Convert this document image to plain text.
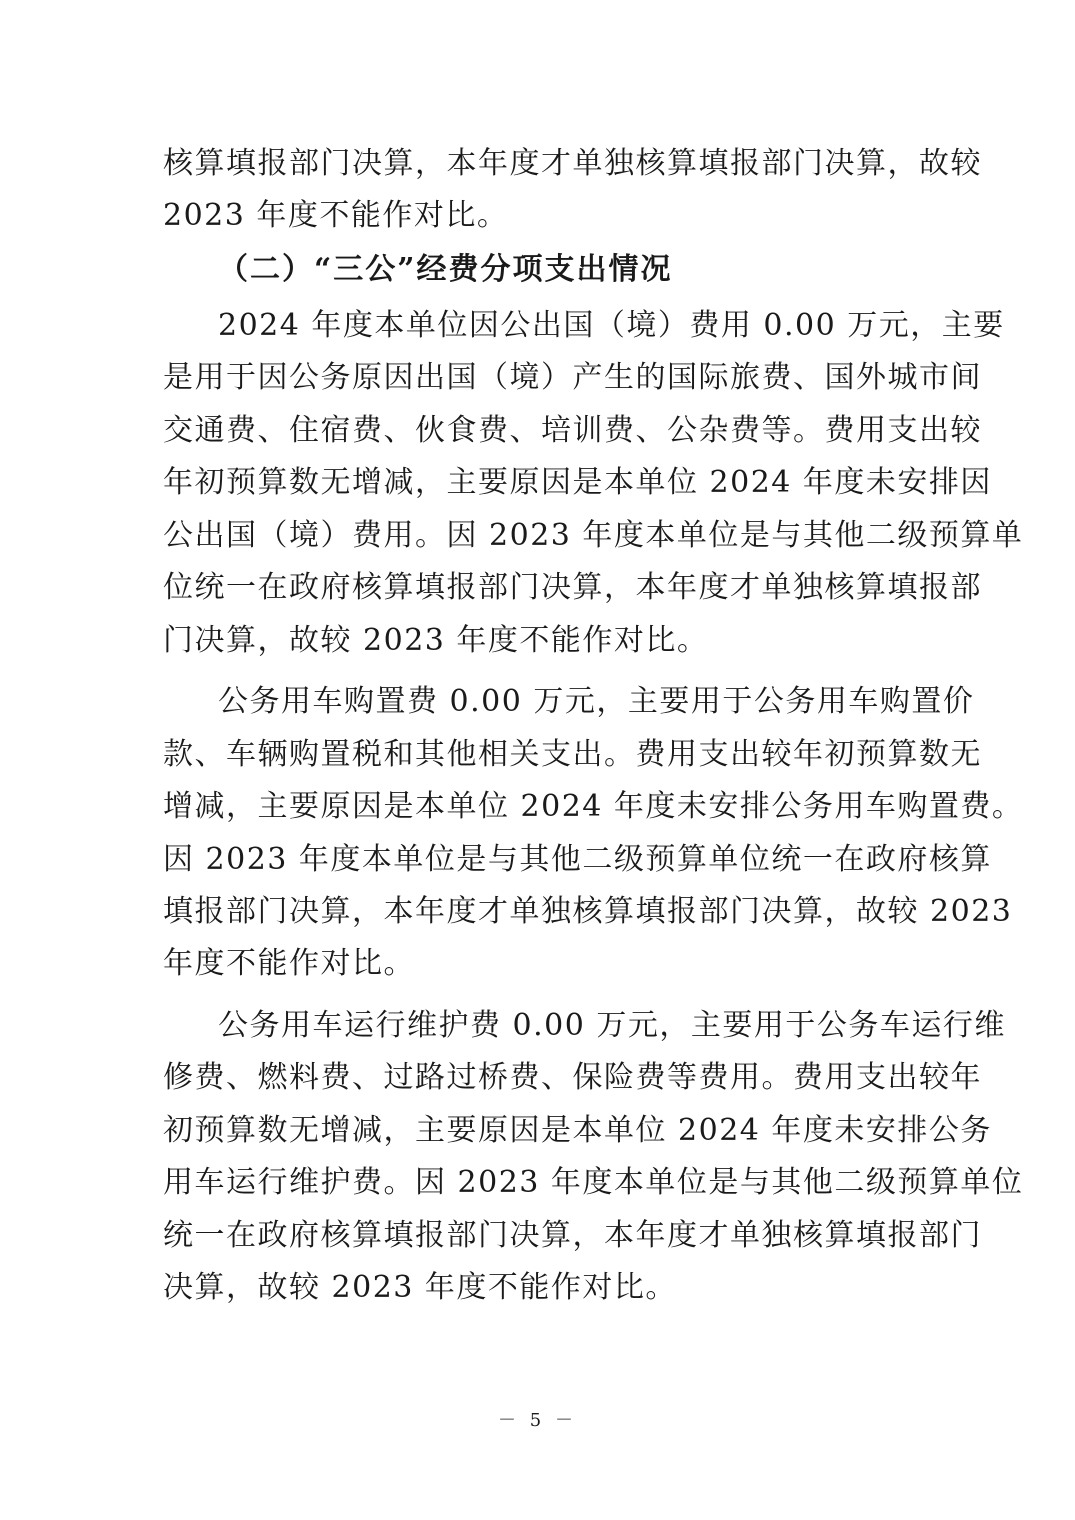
核算填报部门决算，本年度才单独核算填报部门决算，故较

2023 年度不能作对比。

（二）“三公”经费分项支出情况

2024 年度本单位因公出国（境）费用 0.00 万元，主要

是用于因公务原因出国（境）产生的国际旅费、国外城市间

交通费、住宿费、伙食费、培训费、公杂费等。费用支出较

年初预算数无增减，主要原因是本单位 2024 年度未安排因

公出国（境）费用。因 2023 年度本单位是与其他二级预算单

位统一在政府核算填报部门决算，本年度才单独核算填报部

门决算，故较 2023 年度不能作对比。

公务用车购置费 0.00 万元，主要用于公务用车购置价

款、车辆购置税和其他相关支出。费用支出较年初预算数无

增减，主要原因是本单位 2024 年度未安排公务用车购置费。

因 2023 年度本单位是与其他二级预算单位统一在政府核算

填报部门决算，本年度才单独核算填报部门决算，故较 2023

年度不能作对比。

公务用车运行维护费 0.00 万元，主要用于公务车运行维

修费、燃料费、过路过桥费、保险费等费用。费用支出较年

初预算数无增减，主要原因是本单位 2024 年度未安排公务

用车运行维护费。因 2023 年度本单位是与其他二级预算单位

统一在政府核算填报部门决算，本年度才单独核算填报部门

决算，故较 2023 年度不能作对比。

－ 5 －
